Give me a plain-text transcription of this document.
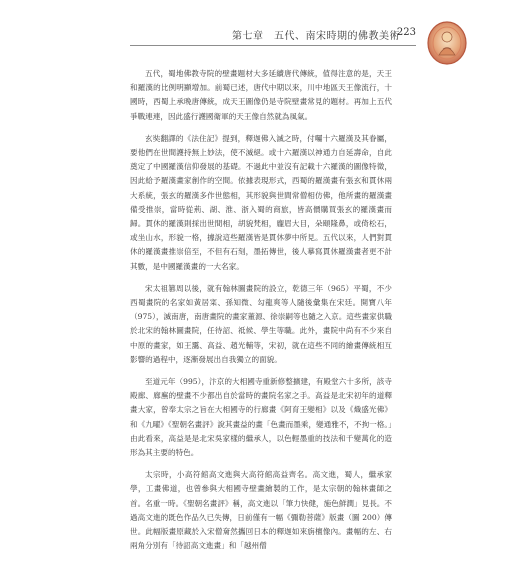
第七章　五代、南宋時期的佛教美術
223

五代，蜀地佛教寺院的壁畫題材大多延續唐代傳統，值得注意的是，天王和羅漢的比例明顯增加。前蜀已述，唐代中期以來，川中地區天王像流行，十國時，西蜀上承晚唐傳統，成天王圖像仍是寺院壁畫常見的題材。再加上五代爭戰連連，因此盛行護國衛軍的天王像自然就為風氣。

玄奘翻譯的《法住記》提到，釋迦佛入滅之時，付囑十六羅漢及其眷屬，要他們在世間護持無上妙法，使不滅絕。或十六羅漢以神通力自延壽命，自此奠定了中國羅漢信仰發展的基礎。不過此中並沒有記載十六羅漢的圖像特徵，因此給予羅漢畫家創作的空間。依據表現形式，西蜀的羅漢畫有張玄和貫休兩大系統，張玄的羅漢多作世態相，其形貌與世間常僧相仿佛，他所畫的羅漢畫備受推崇，當時從荊、湖、淮、浙入蜀的商旅，皆高價購買張玄的羅漢畫而歸。貫休的羅漢則採出世間相，胡貌梵相，龐眉大目，朵頤隆鼻，或倚松石，或坐山水，形貌一格，據說這些羅漢皆是貫休夢中所見。五代以來，人們對貫休的羅漢畫推崇倍至，不但有石刻，墨拓傳世，後人摹寫貫休羅漢畫者更不計其數，是中國羅漢畫的一大名家。

宋太祖篡周以後，就有翰林圖畫院的設立，乾德三年（965）平蜀，不少西蜀畫院的名家如黃居寀、孫知微、勾龍爽等人隨後彙集在宋廷。開寶八年（975），滅南唐，南唐畫院的畫家董源、徐崇嗣等也隨之入京。這些畫家供職於北宋的翰林圖畫院，任待詔、祗候、學生等職。此外，畫院中尚有不少來自中原的畫家，如王靄、高益、趙光輔等，宋初，就在這些不同的繪畫傳統相互影響的過程中，逐漸發展出自我獨立的面貌。

至道元年（995），汴京的大相國寺重新修整擴建，有殿堂六十多所，該寺殿廊、廊廡的壁畫不少都出自於當時的畫院名家之手。高益是北宋初年的道釋畫大家，曾奉太宗之旨在大相國寺的行廊畫《阿育王變相》以及《熾盛光佛》和《九曜》《聖朝名畫評》說其畫益的畫「色畫而墨乘，變通雅不，不拘一格。」由此看來，高益是是北宋吳家樣的繼承人，以色輕墨重的技法和千變萬化的造形為其主要的特色。

太宗時，小高符館高文進與大高符館高益齊名。高文進，蜀人，繼承家學，工畫佛道，也曾參與大相國寺壁畫繪製的工作，是太宗朝的翰林畫師之首。名重一時。《聖朝名畫評》稱，高文進以「筆力快健，施色鮮潤」見長。不過高文進的既色作品久已失傳，日前僅有一幅《彌勒菩薩》版畫（圖 200）傳世。此幅版畫原藏於入宋僧奝然攜回日本的釋迦如來旃檀像內。畫幅的左、右兩角分別有「待詔高文進畫」和「越州僧
